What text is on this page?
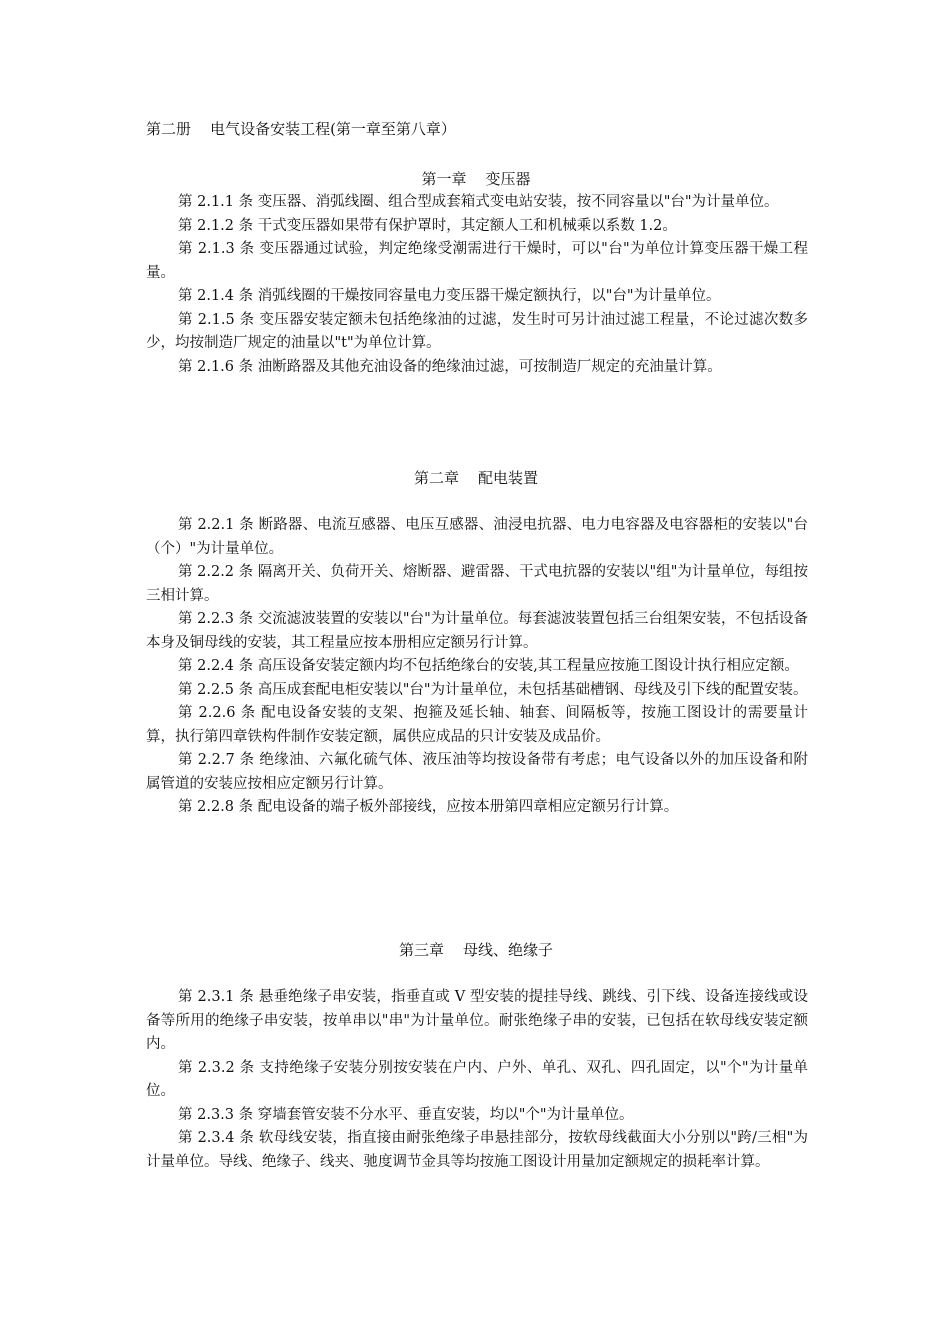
第二册    电气设备安装工程(第一章至第八章）
第一章    变压器

第 2.1.1 条 变压器、消弧线圈、组合型成套箱式变电站安装，按不同容量以"台"为计量单位。

第 2.1.2 条 干式变压器如果带有保护罩时，其定额人工和机械乘以系数 1.2。

第 2.1.3 条 变压器通过试验，判定绝缘受潮需进行干燥时，可以"台"为单位计算变压器干燥工程量。

第 2.1.4 条 消弧线圈的干燥按同容量电力变压器干燥定额执行，以"台"为计量单位。

第 2.1.5 条 变压器安装定额未包括绝缘油的过滤，发生时可另计油过滤工程量，不论过滤次数多少，均按制造厂规定的油量以"t"为单位计算。

第 2.1.6 条 油断路器及其他充油设备的绝缘油过滤，可按制造厂规定的充油量计算。

第二章    配电装置

第 2.2.1 条 断路器、电流互感器、电压互感器、油浸电抗器、电力电容器及电容器柜的安装以"台（个）"为计量单位。

第 2.2.2 条 隔离开关、负荷开关、熔断器、避雷器、干式电抗器的安装以"组"为计量单位，每组按三相计算。

第 2.2.3 条 交流滤波装置的安装以"台"为计量单位。每套滤波装置包括三台组架安装，不包括设备本身及铜母线的安装，其工程量应按本册相应定额另行计算。

第 2.2.4 条 高压设备安装定额内均不包括绝缘台的安装,其工程量应按施工图设计执行相应定额。

第 2.2.5 条 高压成套配电柜安装以"台"为计量单位，未包括基础槽钢、母线及引下线的配置安装。

第 2.2.6 条 配电设备安装的支架、抱箍及延长轴、轴套、间隔板等，按施工图设计的需要量计算，执行第四章铁构件制作安装定额，属供应成品的只计安装及成品价。

第 2.2.7 条 绝缘油、六氟化硫气体、液压油等均按设备带有考虑；电气设备以外的加压设备和附属管道的安装应按相应定额另行计算。

第 2.2.8 条 配电设备的端子板外部接线，应按本册第四章相应定额另行计算。

第三章    母线、绝缘子

第 2.3.1 条 悬垂绝缘子串安装，指垂直或 V 型安装的提挂导线、跳线、引下线、设备连接线或设备等所用的绝缘子串安装，按单串以"串"为计量单位。耐张绝缘子串的安装，已包括在软母线安装定额内。

第 2.3.2 条 支持绝缘子安装分别按安装在户内、户外、单孔、双孔、四孔固定，以"个"为计量单位。

第 2.3.3 条 穿墙套管安装不分水平、垂直安装，均以"个"为计量单位。

第 2.3.4 条 软母线安装，指直接由耐张绝缘子串悬挂部分，按软母线截面大小分别以"跨/三相"为计量单位。导线、绝缘子、线夹、驰度调节金具等均按施工图设计用量加定额规定的损耗率计算。
